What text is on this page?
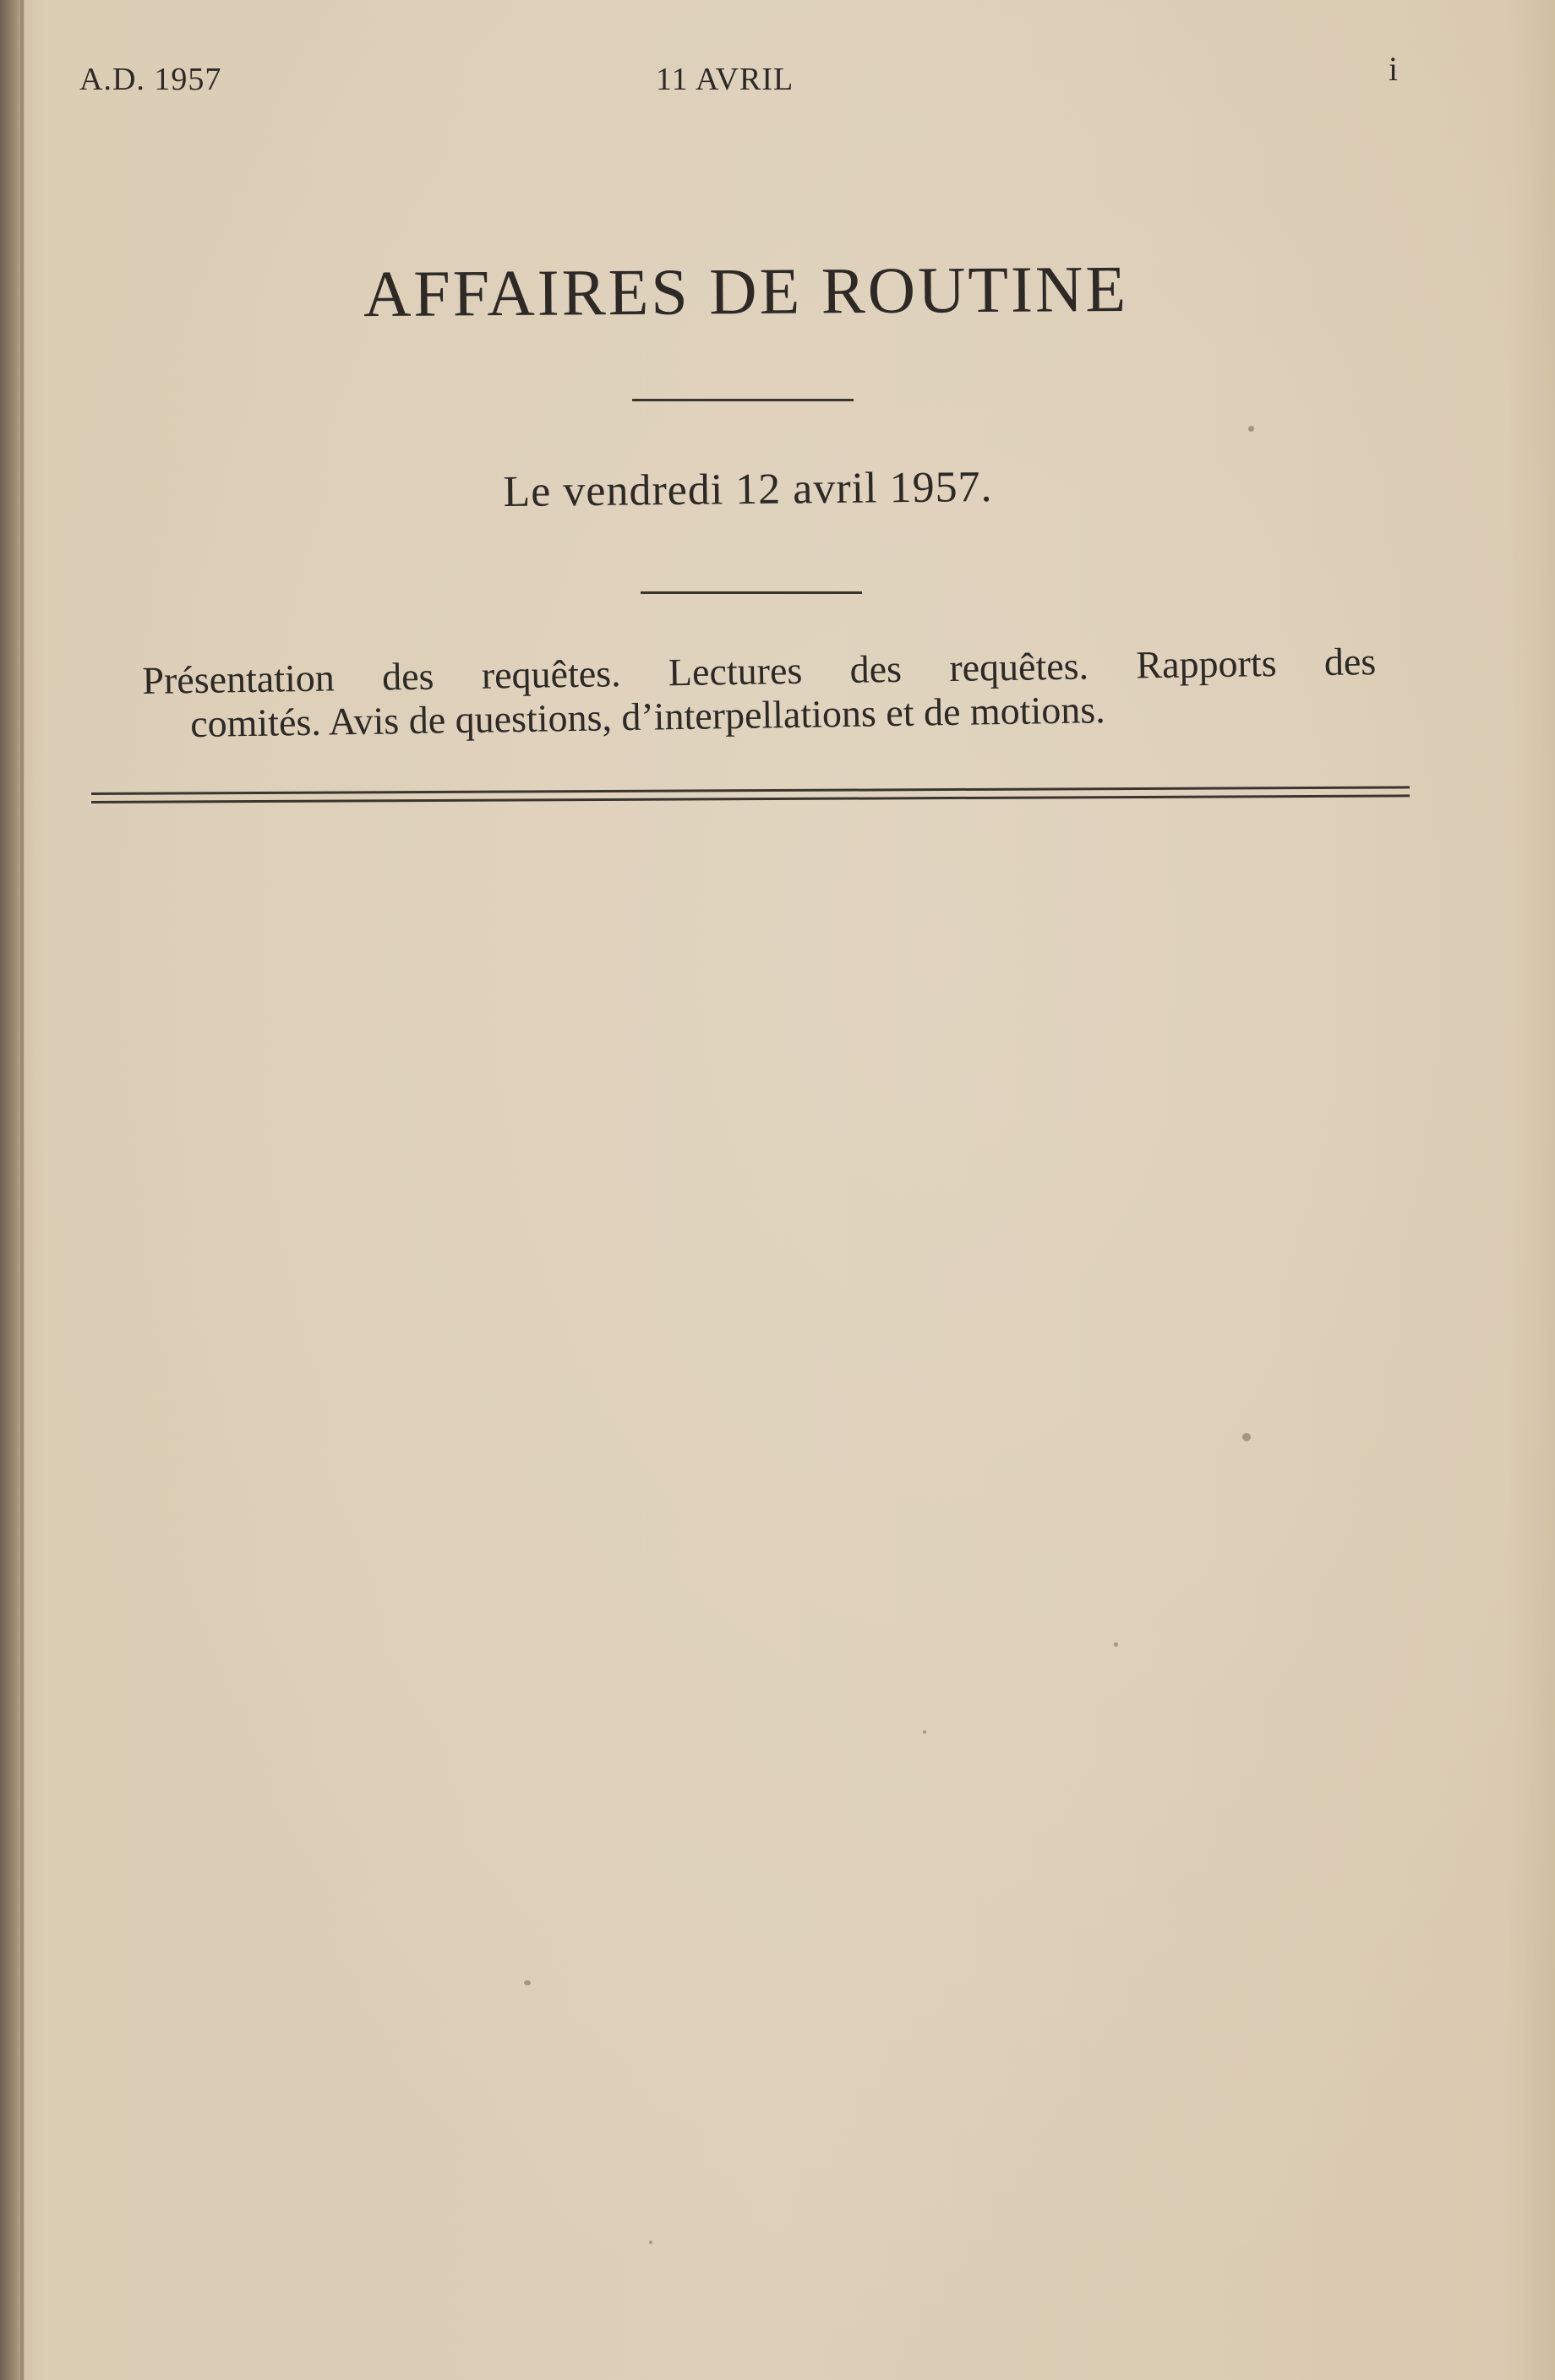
A.D. 1957	11 AVRIL	i
AFFAIRES DE ROUTINE
Le vendredi 12 avril 1957.
Présentation des requêtes. Lectures des requêtes. Rapports des
comités. Avis de questions, d’interpellations et de motions.
